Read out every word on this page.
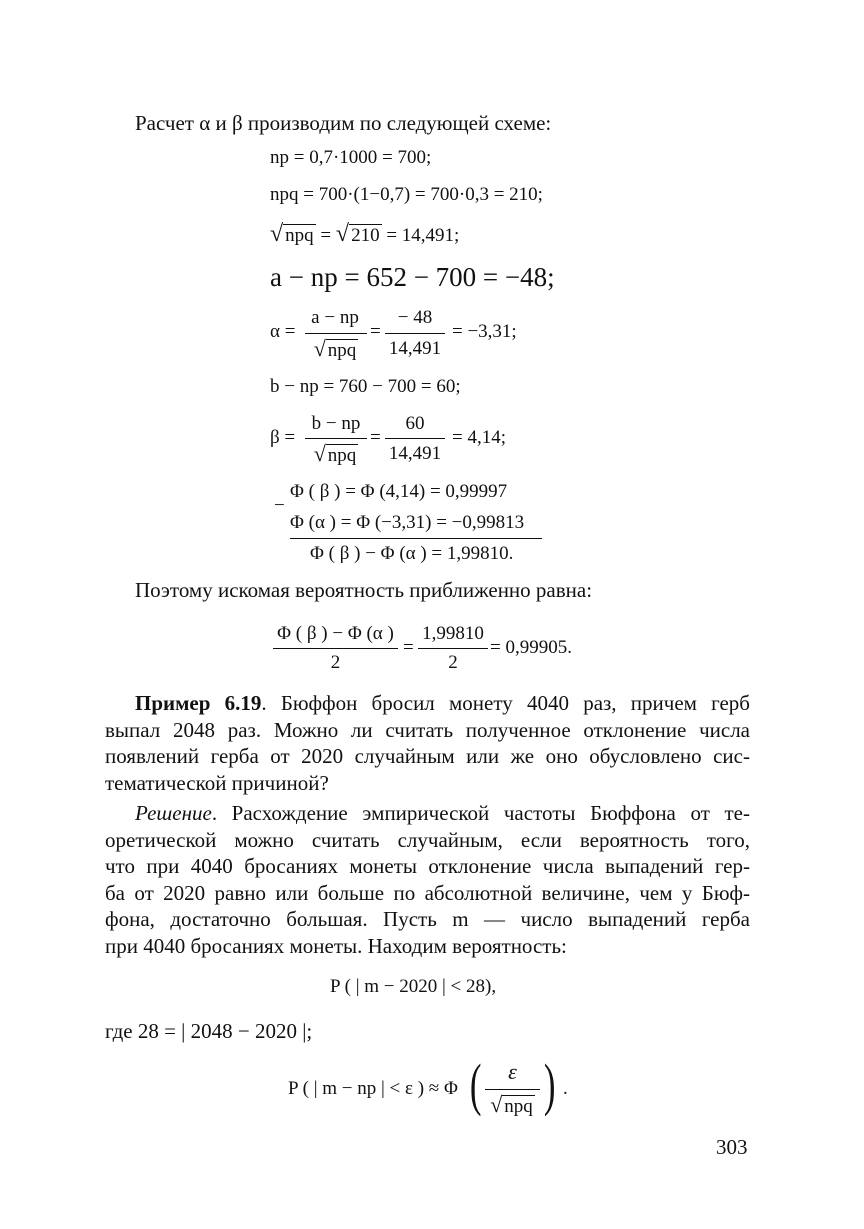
Расчет α и β производим по следующей схеме:
np = 0,7·1000 = 700;
npq = 700·(1−0,7) = 700·0,3 = 210;
√ npq = √ 210 = 14,491;
a − np = 652 − 700 = −48;
α =
a − np
√ npq
=
− 48
14,491
= −3,31;
b − np = 760 − 700 = 60;
β =
b − np
√ npq
=
60
14,491
= 4,14;
Φ ( β ) = Φ (4,14) = 0,99997
−
Φ (α ) = Φ (−3,31) = −0,99813
Φ ( β ) − Φ (α ) = 1,99810.
Поэтому искомая вероятность приближенно равна:
Φ ( β ) − Φ (α )
2
=
1,99810
2
= 0,99905.
Пример 6.19. Бюффон бросил монету 4040 раз, причем герб
выпал 2048 раз. Можно ли считать полученное отклонение числа
появлений герба от 2020 случайным или же оно обусловлено сис-
тематической причиной?
Решение. Расхождение эмпирической частоты Бюффона от те-
оретической можно считать случайным, если вероятность того,
что при 4040 бросаниях монеты отклонение числа выпадений гер-
ба от 2020 равно или больше по абсолютной величине, чем у Бюф-
фона, достаточно большая. Пусть m — число выпадений герба
при 4040 бросаниях монеты. Находим вероятность:
P ( | m − 2020 | < 28),
где 28 = | 2048 − 2020 |;
P ( | m − np | < ε ) ≈ Φ (	ε
√ npq ) .
303
